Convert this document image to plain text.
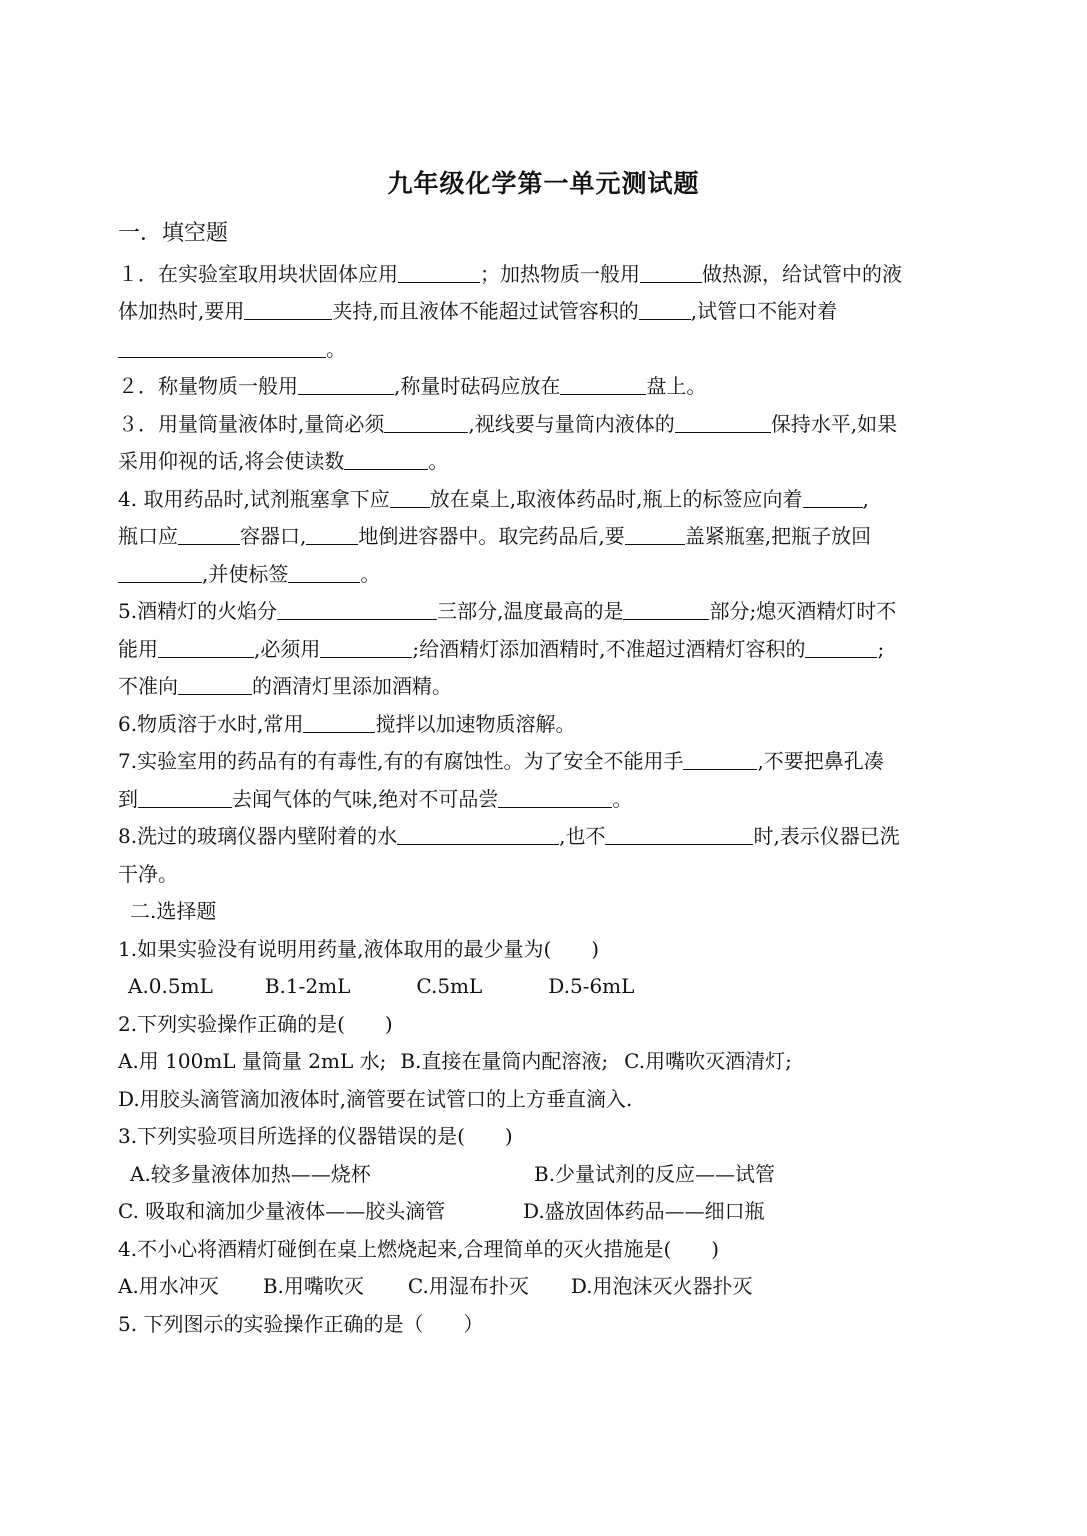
九年级化学第一单元测试题
一．填空题
１．在实验室取用块状固体应用	；加热物质一般用	做热源，给试管中的液
体加热时,要用	夹持,而且液体不能超过试管容积的	,试管口不能对着
。
２．称量物质一般用	,称量时砝码应放在	盘上。
３．用量筒量液体时,量筒必须	,视线要与量筒内液体的	保持水平,如果
采用仰视的话,将会使读数	。
4. 取用药品时,试剂瓶塞拿下应 放在桌上,取液体药品时,瓶上的标签应向着	,
瓶口应	容器口,	地倒进容器中。取完药品后,要	盖紧瓶塞,把瓶子放回
,并使标签	。
5.酒精灯的火焰分	三部分,温度最高的是	部分;熄灭酒精灯时不
能用	,必须用	;给酒精灯添加酒精时,不准超过酒精灯容积的	;
不准向	的酒清灯里添加酒精。
6.物质溶于水时,常用	搅拌以加速物质溶解。
7.实验室用的药品有的有毒性,有的有腐蚀性。为了安全不能用手	,不要把鼻孔凑
到	去闻气体的气味,绝对不可品尝	。
8.洗过的玻璃仪器内壁附着的水	,也不	时,表示仪器已洗
干净。
二.选择题
1.如果实验没有说明用药量,液体取用的最少量为(　　)
A.0.5mL	B.1-2mL	C.5mL	D.5-6mL
2.下列实验操作正确的是(　　)
A.用 100mL 量筒量 2mL 水; B.直接在量筒内配溶液; C.用嘴吹灭酒清灯;
D.用胶头滴管滴加液体时,滴管要在试管口的上方垂直滴入.
3.下列实验项目所选择的仪器错误的是(　　)
A.较多量液体加热——烧杯	B.少量试剂的反应——试管
C. 吸取和滴加少量液体——胶头滴管	D.盛放固体药品——细口瓶
4.不小心将酒精灯碰倒在桌上燃烧起来,合理简单的灭火措施是(　　)
A.用水冲灭 B.用嘴吹灭 C.用湿布扑灭 D.用泡沫灭火器扑灭
5. 下列图示的实验操作正确的是（　　）
